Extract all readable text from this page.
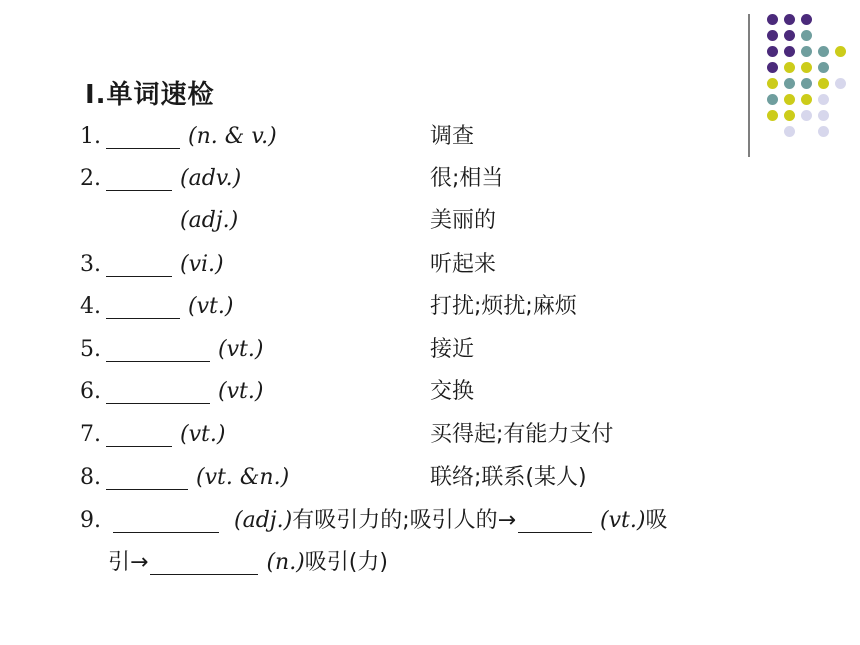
Ⅰ.单词速检
1.	(n. & v.)	调查
2.	(adv.)	很;相当
(adj.)	美丽的
3.	(vi.)	听起来
4.	(vt.)	打扰;烦扰;麻烦
5.	(vt.)	接近
6.	(vt.)	交换
7.	(vt.)	买得起;有能力支付
8.	(vt. &n.)	联络;联系(某人)
9.	(adj.)有吸引力的;吸引人的→	(vt.)吸
引→	(n.)吸引(力)
